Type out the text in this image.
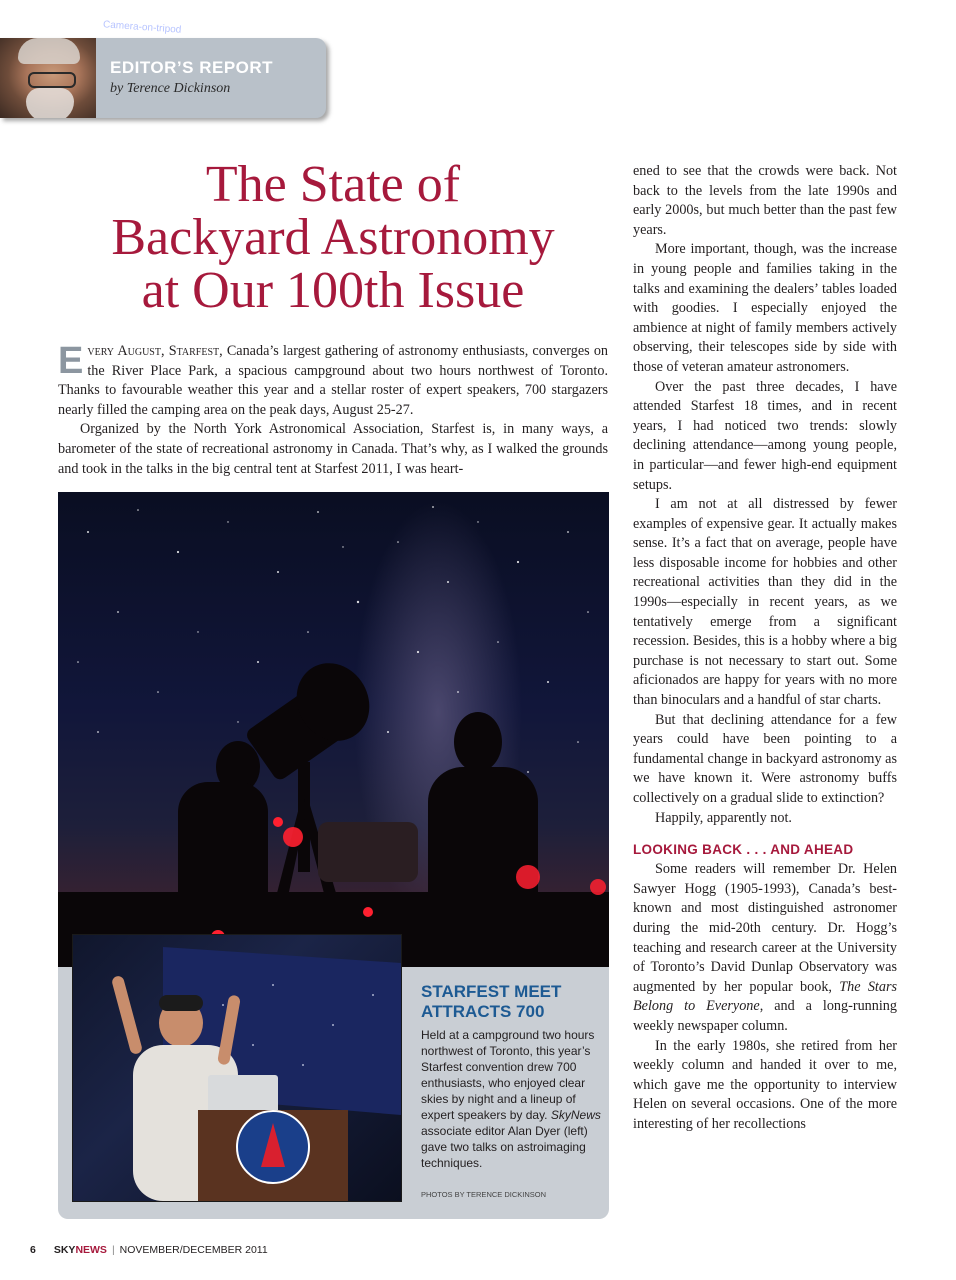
EDITOR’S REPORT
by Terence Dickinson
The State of
Backyard Astronomy
at Our 100th Issue

Every August, Starfest, Canada’s largest gathering of astronomy enthusiasts, converges on the River Place Park, a spacious campground about two hours northwest of Toronto. Thanks to favourable weather this year and a stellar roster of expert speakers, 700 stargazers nearly filled the camping area on the peak days, August 25-27.

Organized by the North York Astronomical Association, Starfest is, in many ways, a barometer of the state of recreational astronomy in Canada. That’s why, as I walked the grounds and took in the talks in the big central tent at Starfest 2011, I was heart-

Camera-on-tripod
STARFEST MEET
ATTRACTS 700
Held at a campground two hours northwest of Toronto, this year’s Starfest convention drew 700 enthusiasts, who enjoyed clear skies by night and a lineup of expert speakers by day. SkyNews associate editor Alan Dyer (left) gave two talks on astroimaging techniques.
PHOTOS BY TERENCE DICKINSON

ened to see that the crowds were back. Not back to the levels from the late 1990s and early 2000s, but much better than the past few years.

More important, though, was the increase in young people and families taking in the talks and examining the dealers’ tables loaded with goodies. I especially enjoyed the ambience at night of family members actively observing, their telescopes side by side with those of veteran amateur astronomers.

Over the past three decades, I have attended Starfest 18 times, and in recent years, I had noticed two trends: slowly declining attendance—among young people, in particular—and fewer high-end equipment setups.

I am not at all distressed by fewer examples of expensive gear. It actually makes sense. It’s a fact that on average, people have less disposable income for hobbies and other recreational activities than they did in the 1990s—especially in recent years, as we tentatively emerge from a significant recession. Besides, this is a hobby where a big purchase is not necessary to start out. Some aficionados are happy for years with no more than binoculars and a handful of star charts.

But that declining attendance for a few years could have been pointing to a fundamental change in backyard astronomy as we have known it. Were astronomy buffs collectively on a gradual slide to extinction?

Happily, apparently not.

LOOKING BACK . . . AND AHEAD

Some readers will remember Dr. Helen Sawyer Hogg (1905-1993), Canada’s best-known and most distinguished astronomer during the mid-20th century. Dr. Hogg’s teaching and research career at the University of Toronto’s David Dunlap Observatory was augmented by her popular book, The Stars Belong to Everyone, and a long-running weekly newspaper column.

In the early 1980s, she retired from her weekly column and handed it over to me, which gave me the opportunity to interview Helen on several occasions. One of the more interesting of her recollections

6 SKYNEWS | NOVEMBER/DECEMBER 2011
